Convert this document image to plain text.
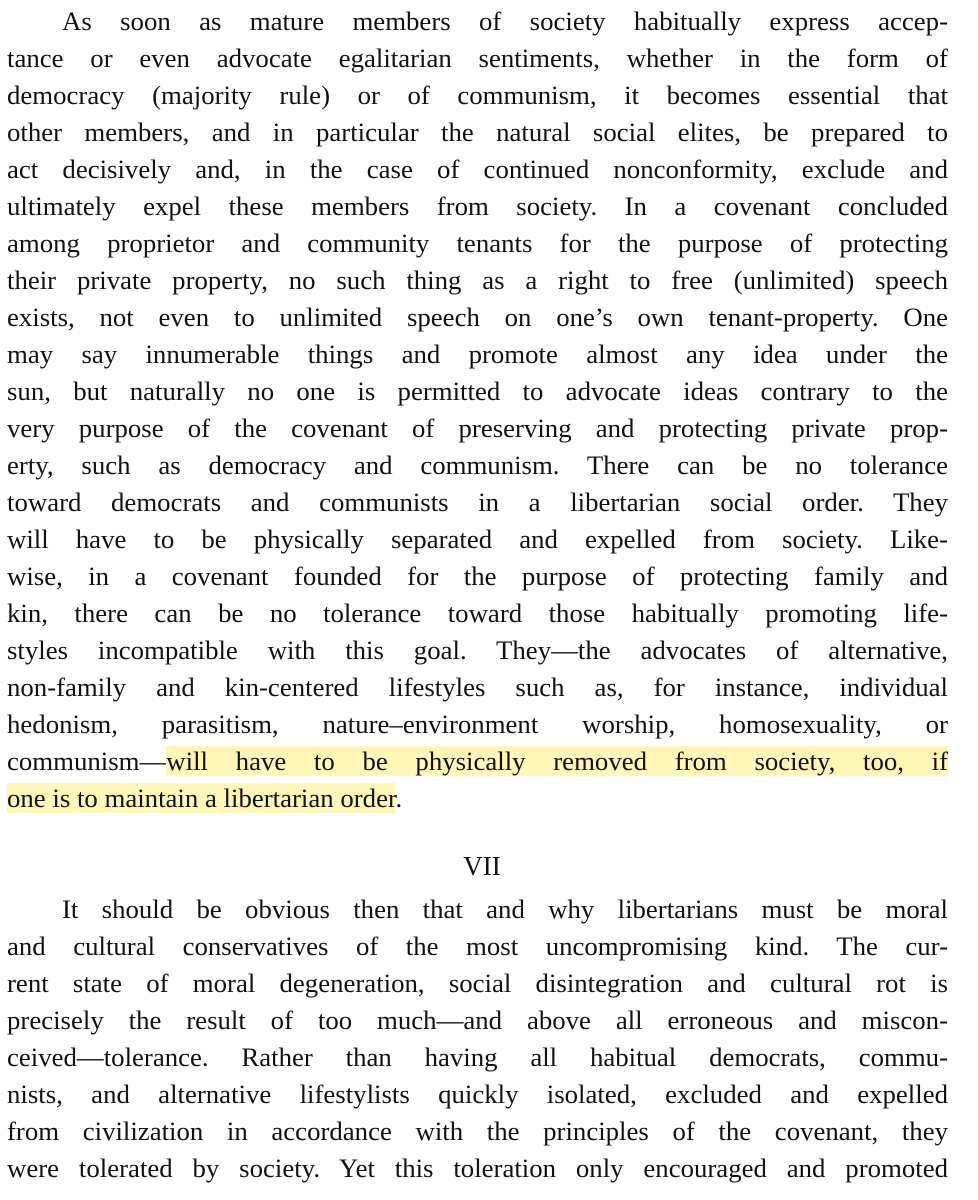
As soon as mature members of society habitually express accep-
tance or even advocate egalitarian sentiments, whether in the form of
democracy (majority rule) or of communism, it becomes essential that
other members, and in particular the natural social elites, be prepared to
act decisively and, in the case of continued nonconformity, exclude and
ultimately expel these members from society. In a covenant concluded
among proprietor and community tenants for the purpose of protecting
their private property, no such thing as a right to free (unlimited) speech
exists, not even to unlimited speech on one’s own tenant-property. One
may say innumerable things and promote almost any idea under the
sun, but naturally no one is permitted to advocate ideas contrary to the
very purpose of the covenant of preserving and protecting private prop-
erty, such as democracy and communism. There can be no tolerance
toward democrats and communists in a libertarian social order. They
will have to be physically separated and expelled from society. Like-
wise, in a covenant founded for the purpose of protecting family and
kin, there can be no tolerance toward those habitually promoting life-
styles incompatible with this goal. They—the advocates of alternative,
non-family and kin-centered lifestyles such as, for instance, individual
hedonism, parasitism, nature–environment worship, homosexuality, or
communism—will have to be physically removed from society, too, if
one is to maintain a libertarian order.
VII
It should be obvious then that and why libertarians must be moral
and cultural conservatives of the most uncompromising kind. The cur-
rent state of moral degeneration, social disintegration and cultural rot is
precisely the result of too much—and above all erroneous and miscon-
ceived—tolerance. Rather than having all habitual democrats, commu-
nists, and alternative lifestylists quickly isolated, excluded and expelled
from civilization in accordance with the principles of the covenant, they
were tolerated by society. Yet this toleration only encouraged and promoted
